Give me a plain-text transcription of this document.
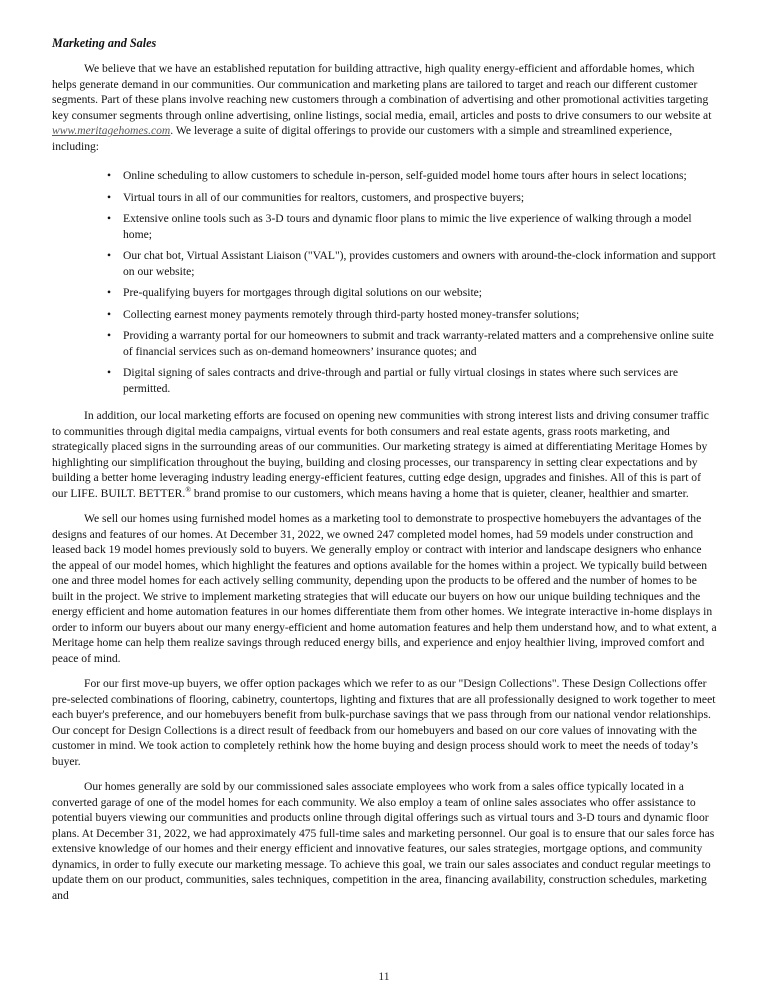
Marketing and Sales

We believe that we have an established reputation for building attractive, high quality energy-efficient and affordable homes, which helps generate demand in our communities. Our communication and marketing plans are tailored to target and reach our different customer segments. Part of these plans involve reaching new customers through a combination of advertising and other promotional activities targeting key consumer segments through online advertising, online listings, social media, email, articles and posts to drive consumers to our website at www.meritagehomes.com. We leverage a suite of digital offerings to provide our customers with a simple and streamlined experience, including:

• Online scheduling to allow customers to schedule in-person, self-guided model home tours after hours in select locations;
• Virtual tours in all of our communities for realtors, customers, and prospective buyers;
• Extensive online tools such as 3-D tours and dynamic floor plans to mimic the live experience of walking through a model home;
• Our chat bot, Virtual Assistant Liaison ("VAL"), provides customers and owners with around-the-clock information and support on our website;
• Pre-qualifying buyers for mortgages through digital solutions on our website;
• Collecting earnest money payments remotely through third-party hosted money-transfer solutions;
• Providing a warranty portal for our homeowners to submit and track warranty-related matters and a comprehensive online suite of financial services such as on-demand homeowners’ insurance quotes; and
• Digital signing of sales contracts and drive-through and partial or fully virtual closings in states where such services are permitted.

In addition, our local marketing efforts are focused on opening new communities with strong interest lists and driving consumer traffic to communities through digital media campaigns, virtual events for both consumers and real estate agents, grass roots marketing, and strategically placed signs in the surrounding areas of our communities. Our marketing strategy is aimed at differentiating Meritage Homes by highlighting our simplification throughout the buying, building and closing processes, our transparency in setting clear expectations and by building a better home leveraging industry leading energy-efficient features, cutting edge design, upgrades and finishes. All of this is part of our LIFE. BUILT. BETTER.® brand promise to our customers, which means having a home that is quieter, cleaner, healthier and smarter.

We sell our homes using furnished model homes as a marketing tool to demonstrate to prospective homebuyers the advantages of the designs and features of our homes. At December 31, 2022, we owned 247 completed model homes, had 59 models under construction and leased back 19 model homes previously sold to buyers. We generally employ or contract with interior and landscape designers who enhance the appeal of our model homes, which highlight the features and options available for the homes within a project. We typically build between one and three model homes for each actively selling community, depending upon the products to be offered and the number of homes to be built in the project. We strive to implement marketing strategies that will educate our buyers on how our unique building techniques and the energy efficient and home automation features in our homes differentiate them from other homes. We integrate interactive in-home displays in order to inform our buyers about our many energy-efficient and home automation features and help them understand how, and to what extent, a Meritage home can help them realize savings through reduced energy bills, and experience and enjoy healthier living, improved comfort and peace of mind.

For our first move-up buyers, we offer option packages which we refer to as our "Design Collections". These Design Collections offer pre-selected combinations of flooring, cabinetry, countertops, lighting and fixtures that are all professionally designed to work together to meet each buyer's preference, and our homebuyers benefit from bulk-purchase savings that we pass through from our national vendor relationships. Our concept for Design Collections is a direct result of feedback from our homebuyers and based on our core values of innovating with the customer in mind. We took action to completely rethink how the home buying and design process should work to meet the needs of today’s buyer.

Our homes generally are sold by our commissioned sales associate employees who work from a sales office typically located in a converted garage of one of the model homes for each community. We also employ a team of online sales associates who offer assistance to potential buyers viewing our communities and products online through digital offerings such as virtual tours and 3-D tours and dynamic floor plans. At December 31, 2022, we had approximately 475 full-time sales and marketing personnel. Our goal is to ensure that our sales force has extensive knowledge of our homes and their energy efficient and innovative features, our sales strategies, mortgage options, and community dynamics, in order to fully execute our marketing message. To achieve this goal, we train our sales associates and conduct regular meetings to update them on our product, communities, sales techniques, competition in the area, financing availability, construction schedules, marketing and

11
